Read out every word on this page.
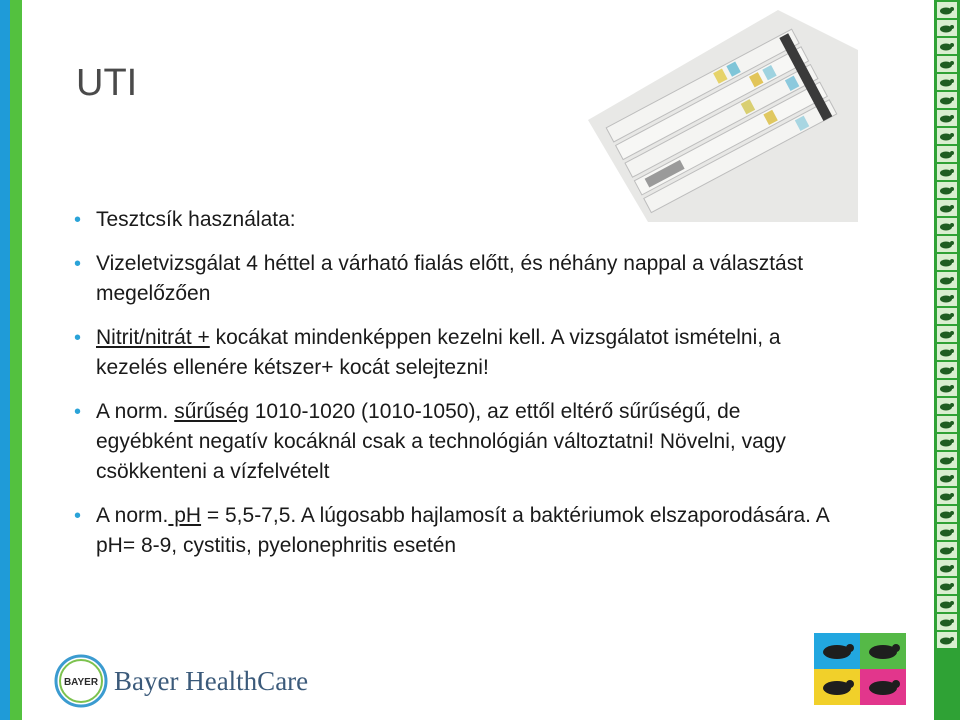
UTI
• Tesztcsík használata:
• Vizeletvizsgálat 4 héttel a várható fialás előtt, és néhány nappal a választást megelőzően
• Nitrit/nitrát + kocákat mindenképpen kezelni kell. A vizsgálatot ismételni, a kezelés ellenére kétszer+ kocát selejtezni!
• A norm. sűrűség 1010-1020 (1010-1050), az ettől eltérő sűrűségű, de egyébként negatív kocáknál csak a technológián változtatni! Növelni, vagy csökkenteni a vízfelvételt
• A norm. pH = 5,5-7,5. A lúgosabb hajlamosít a baktériumok elszaporodására. A pH= 8-9, cystitis, pyelonephritis esetén
BAYER Bayer HealthCare
